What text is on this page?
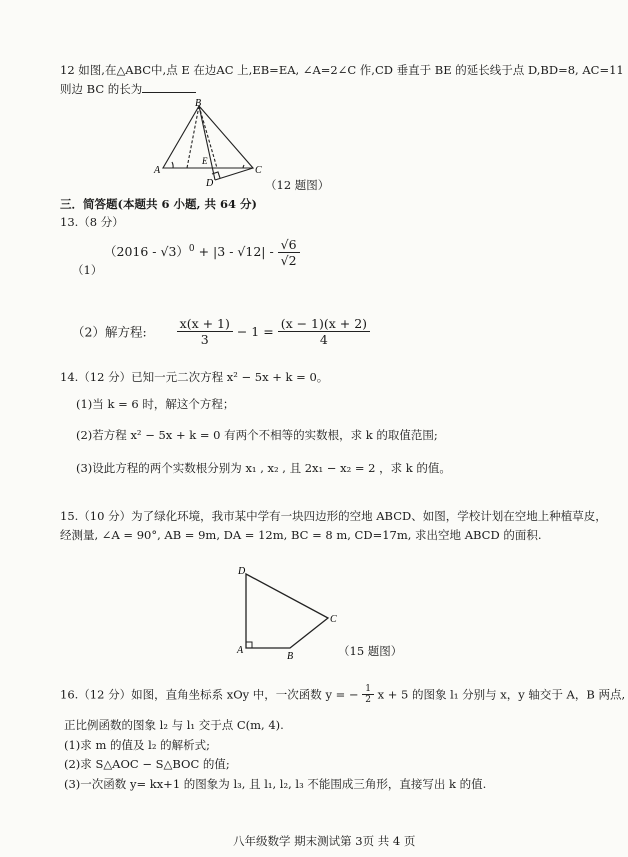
12 如图,在△ABC中,点 E 在边AC 上,EB=EA, ∠A=2∠C 作,CD 垂直于 BE 的延长线于点 D,BD=8, AC=11
则边 BC 的长为
B
A	C
D
E
（12 题图）
三．简答题(本题共 6 小题, 共 64 分)
13.（8 分）
（1）
$(2016 - √3)^0 + |3 - √12| - \frac{√6}{√2}$
（2）解方程: $\frac{x(x + 1)}{3} - 1 = \frac{(x - 1)(x + 2)}{4}$
14.（12 分）已知一元二次方程 x² − 5x + k = 0。
(1)当 k = 6 时，解这个方程；
(2)若方程 x² − 5x + k = 0 有两个不相等的实数根，求 k 的取值范围;
(3)设此方程的两个实数根分别为 x₁ , x₂ , 且 2x₁ − x₂ = 2 ，求 k 的值。
15.（10 分）为了绿化环境，我市某中学有一块四边形的空地 ABCD、如图，学校计划在空地上种植草皮，
经测量, ∠A = 90°, AB = 9m, DA = 12m, BC = 8 m, CD=17m, 求出空地 ABCD 的面积.
D
A
B
C
（15 题图）
16.（12 分）如图，直角坐标系 xOy 中，一次函数 y = − $\frac{1}{2}$ x + 5 的图象 l₁ 分别与 x，y 轴交于 A，B 两点,
正比例函数的图象 l₂ 与 l₁ 交于点 C(m, 4).
(1)求 m 的值及 l₂ 的解析式;
(2)求 S△AOC − S△BOC 的值;
(3)一次函数 y= kx+1 的图象为 l₃, 且 l₁, l₂, l₃ 不能围成三角形，直接写出 k 的值.
八年级数学 期末测试第 3页 共 4 页
